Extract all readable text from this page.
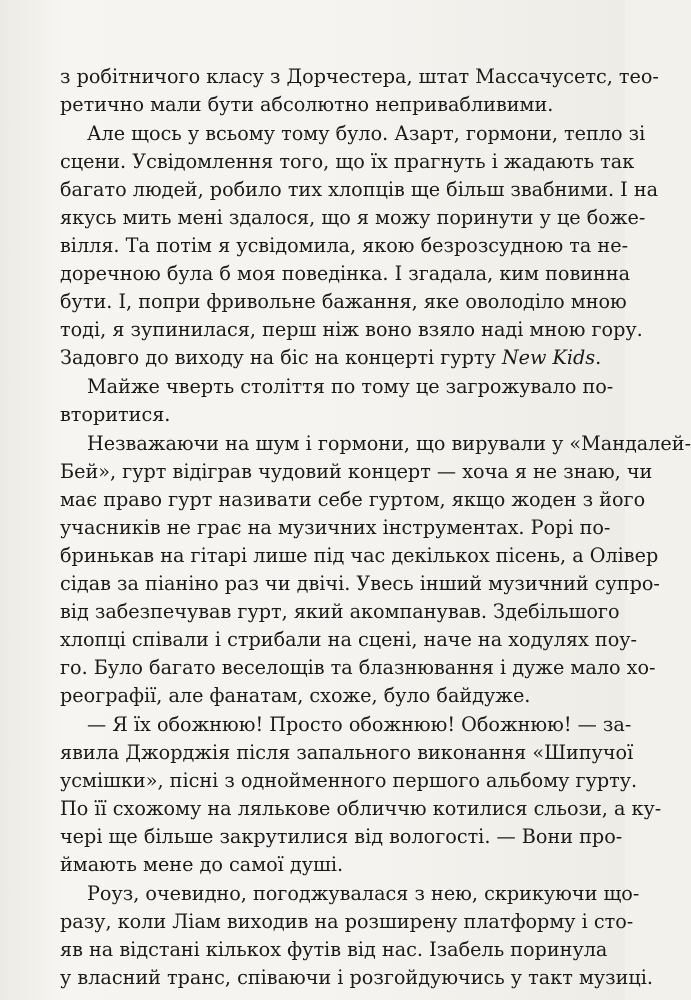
з робітничого класу з Дорчестера, штат Массачусетс, тео-
ретично мали бути абсолютно непривабливими.
Але щось у всьому тому було. Азарт, гормони, тепло зі
сцени. Усвідомлення того, що їх прагнуть і жадають так
багато людей, робило тих хлопців ще більш звабними. І на
якусь мить мені здалося, що я можу поринути у це боже-
вілля. Та потім я усвідомила, якою безрозсудною та не-
доречною була б моя поведінка. І згадала, ким повинна
бути. І, попри фривольне бажання, яке оволоділо мною
тоді, я зупинилася, перш ніж воно взяло наді мною гору.
Задовго до виходу на біс на концерті гурту New Kids.
Майже чверть століття по тому це загрожувало по-
вторитися.
Незважаючи на шум і гормони, що вирували у «Мандалей-
Бей», гурт відіграв чудовий концерт — хоча я не знаю, чи
має право гурт називати себе гуртом, якщо жоден з його
учасників не грає на музичних інструментах. Рорі по-
бринькав на гітарі лише під час декількох пісень, а Олівер
сідав за піаніно раз чи двічі. Увесь інший музичний супро-
від забезпечував гурт, який акомпанував. Здебільшого
хлопці співали і стрибали на сцені, наче на ходулях поу-
го. Було багато веселощів та блазнювання і дуже мало хо-
реографії, але фанатам, схоже, було байдуже.
— Я їх обожнюю! Просто обожнюю! Обожнюю! — за-
явила Джорджія після запального виконання «Шипучої
усмішки», пісні з однойменного першого альбому гурту.
По її схожому на лялькове обличчю котилися сльози, а ку-
чері ще більше закрутилися від вологості. — Вони про-
ймають мене до самої душі.
Роуз, очевидно, погоджувалася з нею, скрикуючи що-
разу, коли Ліам виходив на розширену платформу і сто-
яв на відстані кількох футів від нас. Ізабель поринула
у власний транс, співаючи і розгойдуючись у такт музиці.
